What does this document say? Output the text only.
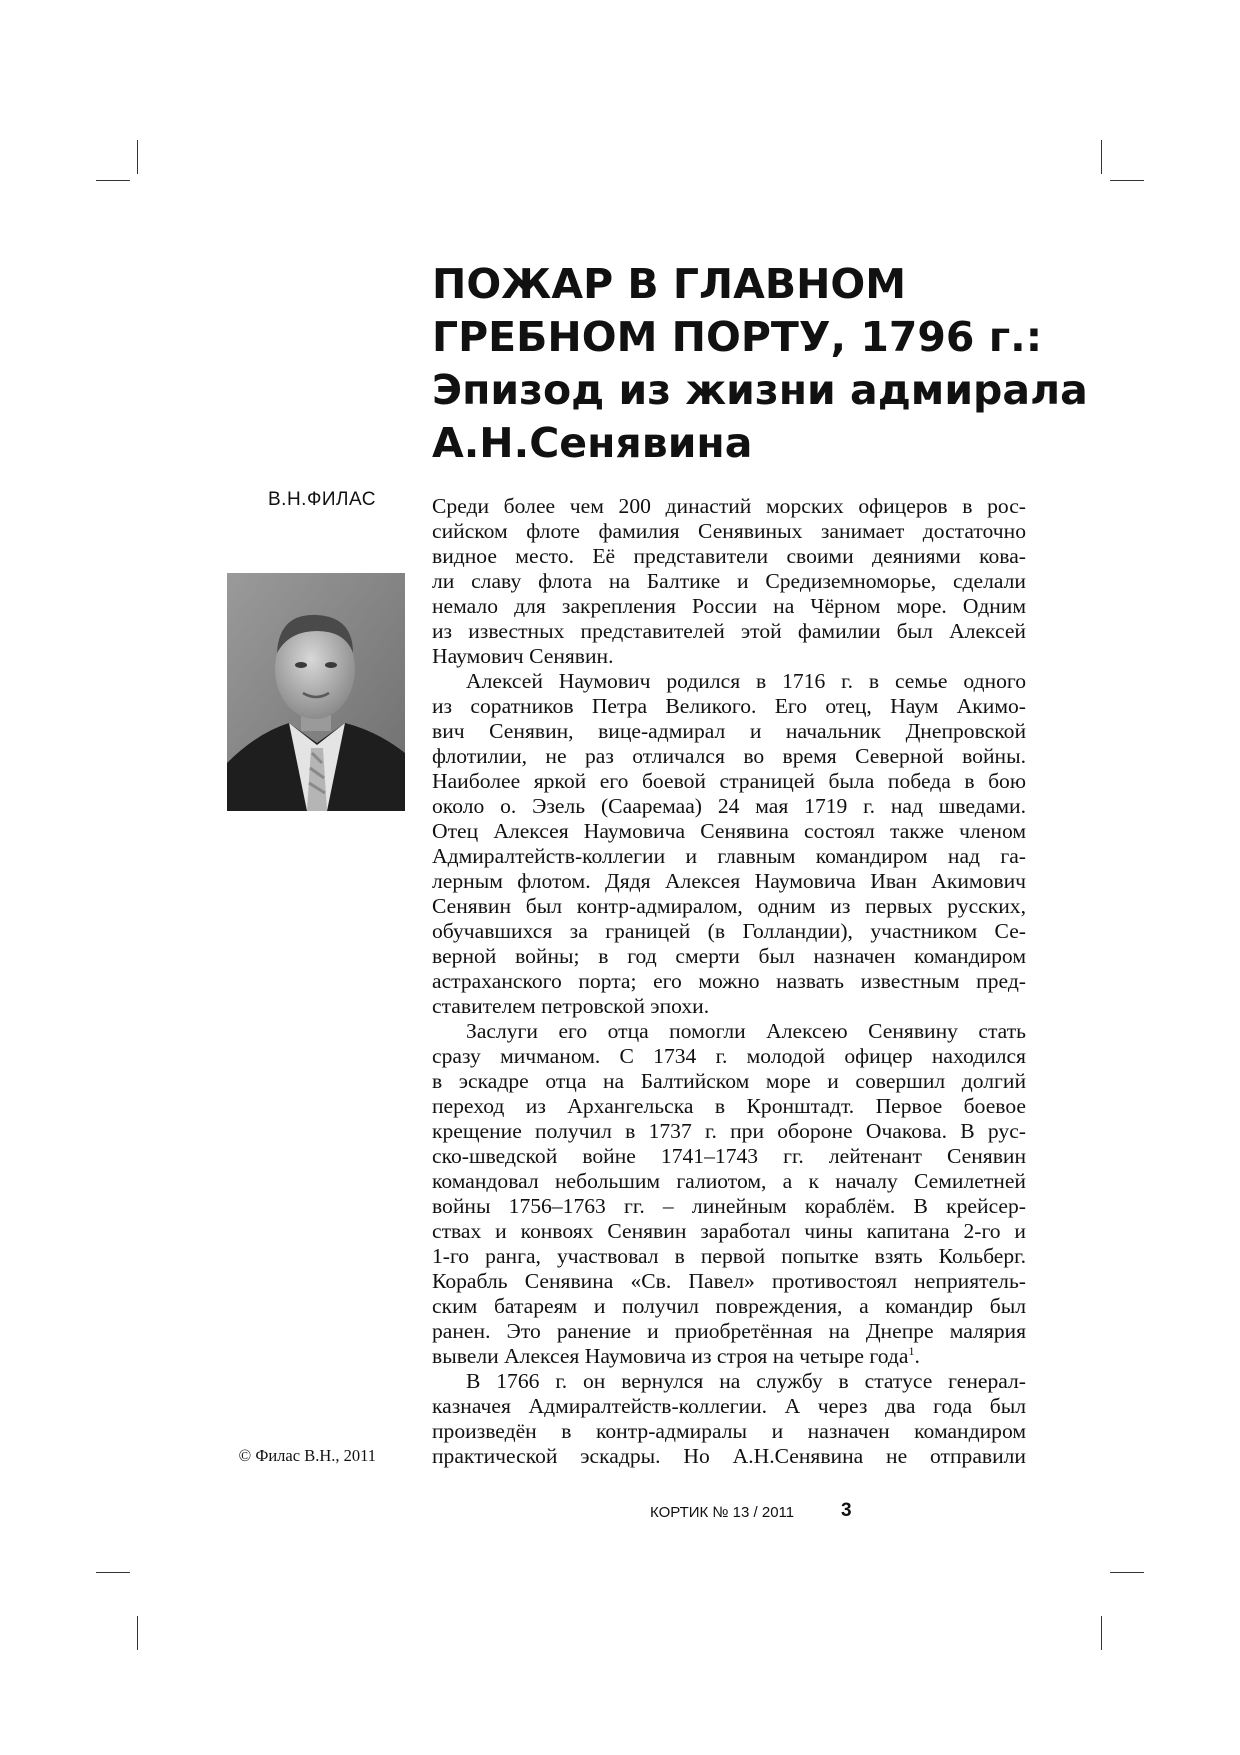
ПОЖАР В ГЛАВНОМ
ГРЕБНОМ ПОРТУ, 1796 г.:
Эпизод из жизни адмирала
А.Н.Сенявина
В.Н.ФИЛАС
© Филас В.Н., 2011

Среди более чем 200 династий морских офицеров в рос-

сийском флоте фамилия Сенявиных занимает достаточно

видное место. Её представители своими деяниями кова-

ли славу флота на Балтике и Средиземноморье, сделали

немало для закрепления России на Чёрном море. Одним

из известных представителей этой фамилии был Алексей

Наумович Сенявин.

Алексей Наумович родился в 1716 г. в семье одного

из соратников Петра Великого. Его отец, Наум Акимо-

вич Сенявин, вице-адмирал и начальник Днепровской

флотилии, не раз отличался во время Северной войны.

Наиболее яркой его боевой страницей была победа в бою

около о. Эзель (Сааремаа) 24 мая 1719 г. над шведами.

Отец Алексея Наумовича Сенявина состоял также членом

Адмиралтейств-коллегии и главным командиром над га-

лерным флотом. Дядя Алексея Наумовича Иван Акимович

Сенявин был контр-адмиралом, одним из первых русских,

обучавшихся за границей (в Голландии), участником Се-

верной войны; в год смерти был назначен командиром

астраханского порта; его можно назвать известным пред-

ставителем петровской эпохи.

Заслуги его отца помогли Алексею Сенявину стать

сразу мичманом. С 1734 г. молодой офицер находился

в эскадре отца на Балтийском море и совершил долгий

переход из Архангельска в Кронштадт. Первое боевое

крещение получил в 1737 г. при обороне Очакова. В рус-

ско-шведской войне 1741–1743 гг. лейтенант Сенявин

командовал небольшим галиотом, а к началу Семилетней

войны 1756–1763 гг. – линейным кораблём. В крейсер-

ствах и конвоях Сенявин заработал чины капитана 2-го и

1-го ранга, участвовал в первой попытке взять Кольберг.

Корабль Сенявина «Св. Павел» противостоял неприятель-

ским батареям и получил повреждения, а командир был

ранен. Это ранение и приобретённая на Днепре малярия

вывели Алексея Наумовича из строя на четыре года$^1$.

В 1766 г. он вернулся на службу в статусе генерал-

казначея Адмиралтейств-коллегии. А через два года был

произведён в контр-адмиралы и назначен командиром

практической эскадры. Но А.Н.Сенявина не отправили

КОРТИК № 13 / 2011 3
